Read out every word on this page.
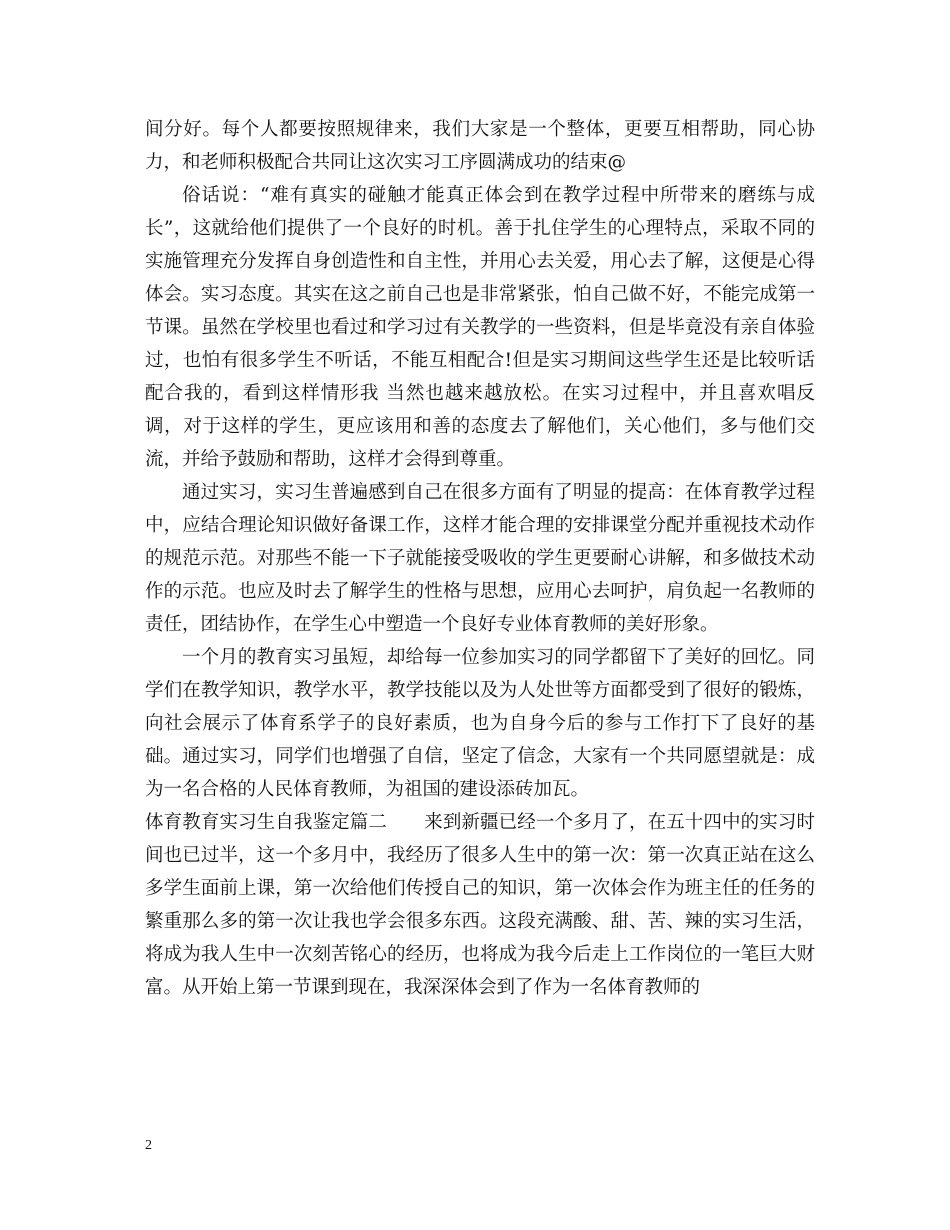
间分好。每个人都要按照规律来，我们大家是一个整体，更要互相帮助，同心协力，和老师积极配合共同让这次实习工序圆满成功的结束@

俗话说：“难有真实的碰触才能真正体会到在教学过程中所带来的磨练与成长”，这就给他们提供了一个良好的时机。善于扎住学生的心理特点，采取不同的实施管理充分发挥自身创造性和自主性，并用心去关爱，用心去了解，这便是心得体会。实习态度。其实在这之前自己也是非常紧张，怕自己做不好，不能完成第一节课。虽然在学校里也看过和学习过有关教学的一些资料，但是毕竟没有亲自体验过，也怕有很多学生不听话，不能互相配合!但是实习期间这些学生还是比较听话配合我的，看到这样情形我 当然也越来越放松。在实习过程中，并且喜欢唱反调，对于这样的学生，更应该用和善的态度去了解他们，关心他们，多与他们交流，并给予鼓励和帮助，这样才会得到尊重。

通过实习，实习生普遍感到自己在很多方面有了明显的提高：在体育教学过程中，应结合理论知识做好备课工作，这样才能合理的安排课堂分配并重视技术动作的规范示范。对那些不能一下子就能接受吸收的学生更要耐心讲解，和多做技术动作的示范。也应及时去了解学生的性格与思想，应用心去呵护，肩负起一名教师的责任，团结协作，在学生心中塑造一个良好专业体育教师的美好形象。

一个月的教育实习虽短，却给每一位参加实习的同学都留下了美好的回忆。同学们在教学知识，教学水平，教学技能以及为人处世等方面都受到了很好的锻炼，向社会展示了体育系学子的良好素质，也为自身今后的参与工作打下了良好的基础。通过实习，同学们也增强了自信，坚定了信念，大家有一个共同愿望就是：成为一名合格的人民体育教师，为祖国的建设添砖加瓦。

体育教育实习生自我鉴定篇二　　来到新疆已经一个多月了，在五十四中的实习时间也已过半，这一个多月中，我经历了很多人生中的第一次：第一次真正站在这么多学生面前上课，第一次给他们传授自己的知识，第一次体会作为班主任的任务的繁重那么多的第一次让我也学会很多东西。这段充满酸、甜、苦、辣的实习生活，将成为我人生中一次刻苦铭心的经历，也将成为我今后走上工作岗位的一笔巨大财富。从开始上第一节课到现在，我深深体会到了作为一名体育教师的

2
